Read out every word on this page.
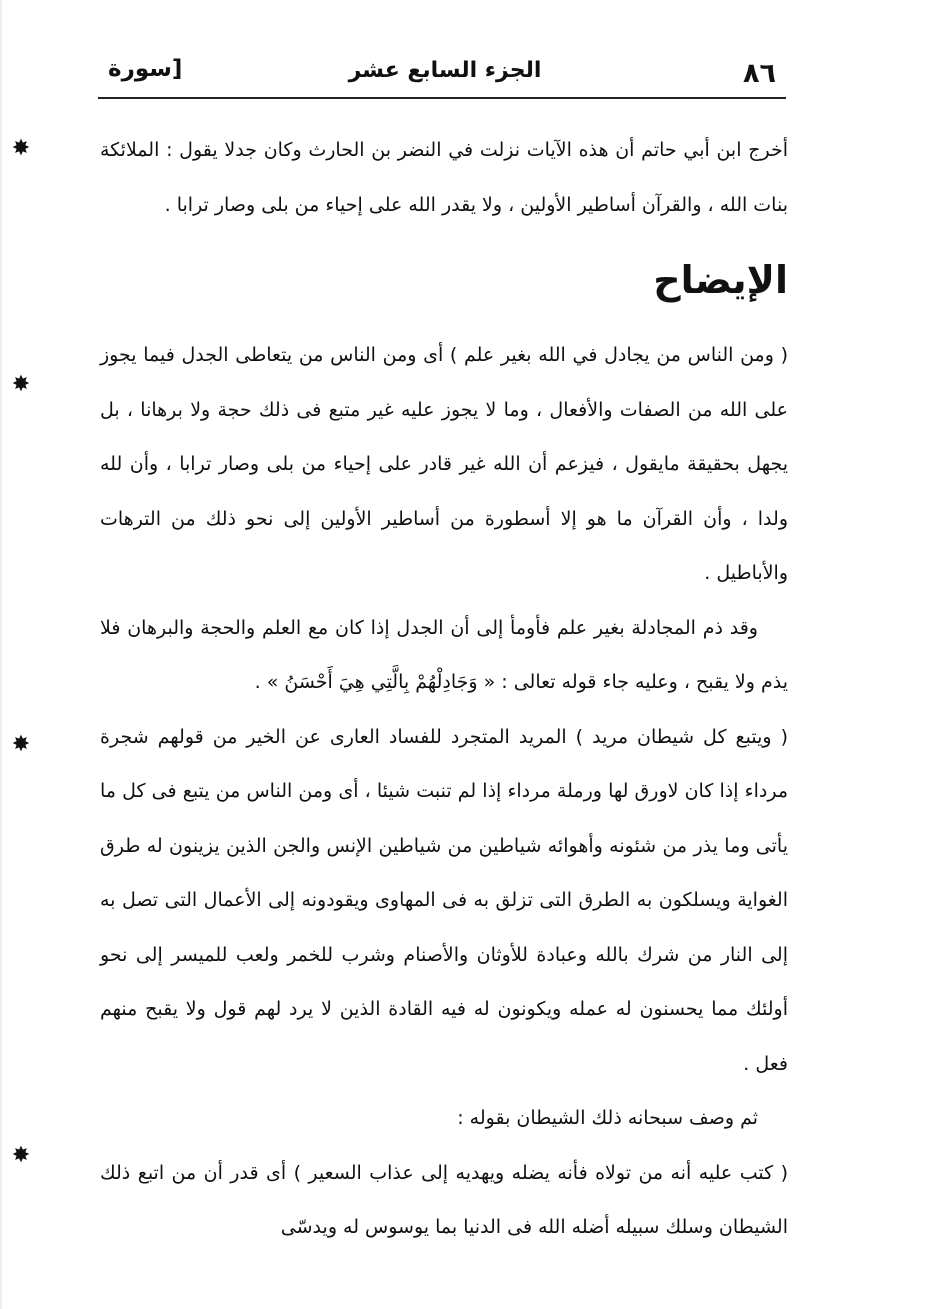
٨٦
الجزء السابع عشر
[سورة
✸
✸
✸
✸

أخرج ابن أبي حاتم أن هذه الآيات نزلت في النضر بن الحارث وكان جدلا يقول : الملائكة بنات الله ، والقرآن أساطير الأولين ، ولا يقدر الله على إحياء من بلى وصار ترابا .

الإيضاح

( ومن الناس من يجادل في الله بغير علم ) أى ومن الناس من يتعاطى الجدل فيما يجوز على الله من الصفات والأفعال ، وما لا يجوز عليه غير متبع فى ذلك حجة ولا برهانا ، بل يجهل بحقيقة مايقول ، فيزعم أن الله غير قادر على إحياء من بلى وصار ترابا ، وأن لله ولدا ، وأن القرآن ما هو إلا أسطورة من أساطير الأولين إلى نحو ذلك من الترهات والأباطيل .

وقد ذم المجادلة بغير علم فأومأ إلى أن الجدل إذا كان مع العلم والحجة والبرهان فلا يذم ولا يقبح ، وعليه جاء قوله تعالى : « وَجَادِلْهُمْ بِالَّتِي هِيَ أَحْسَنُ » .

( ويتبع كل شيطان مريد ) المريد المتجرد للفساد العارى عن الخير من قولهم شجرة مرداء إذا كان لاورق لها ورملة مرداء إذا لم تنبت شيئا ، أى ومن الناس من يتبع فى كل ما يأتى وما يذر من شئونه وأهوائه شياطين من شياطين الإنس والجن الذين يزينون له طرق الغواية ويسلكون به الطرق التى تزلق به فى المهاوى ويقودونه إلى الأعمال التى تصل به إلى النار من شرك بالله وعبادة للأوثان والأصنام وشرب للخمر ولعب للميسر إلى نحو أولئك مما يحسنون له عمله ويكونون له فيه القادة الذين لا يرد لهم قول ولا يقبح منهم فعل .

ثم وصف سبحانه ذلك الشيطان بقوله :

( كتب عليه أنه من تولاه فأنه يضله ويهديه إلى عذاب السعير ) أى قدر أن من اتبع ذلك الشيطان وسلك سبيله أضله الله فى الدنيا بما يوسوس له ويدسّى
